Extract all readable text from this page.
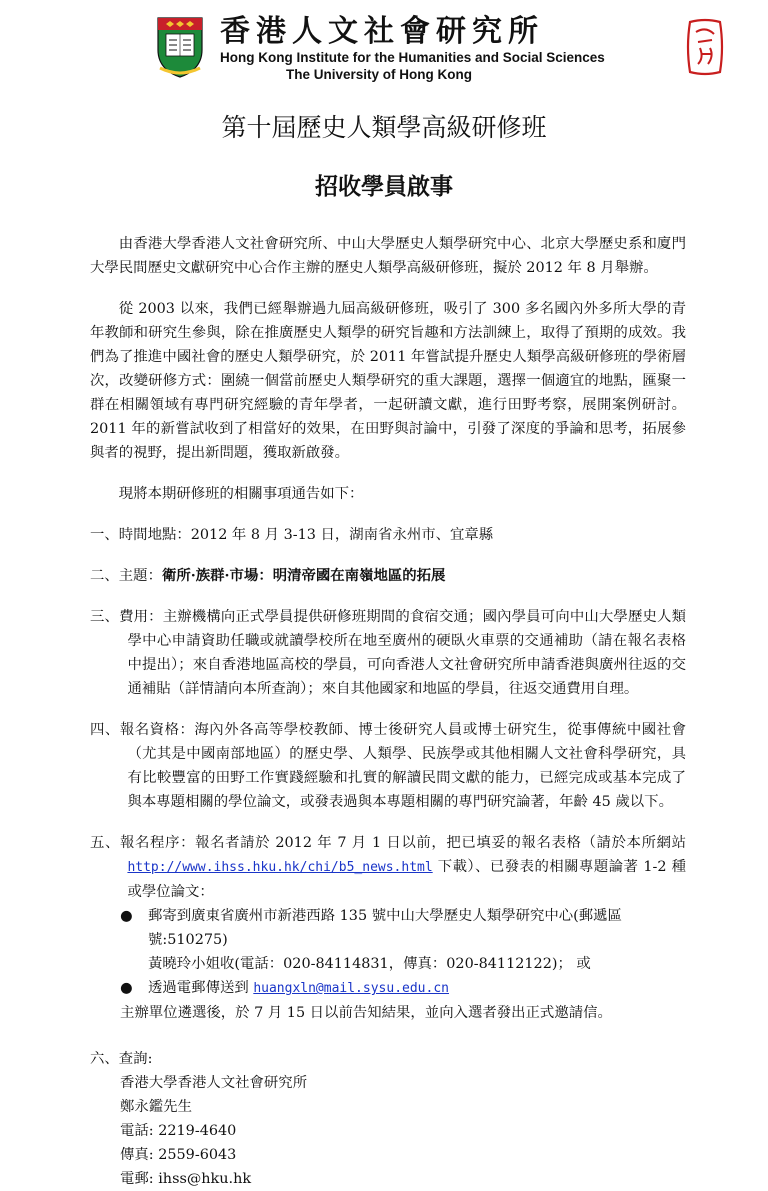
香港人文社會研究所
Hong Kong Institute for the Humanities and Social Sciences
The University of Hong Kong
第十屆歷史人類學高級研修班
招收學員啟事

由香港大學香港人文社會研究所、中山大學歷史人類學研究中心、北京大學歷史系和廈門大學民間歷史文獻研究中心合作主辦的歷史人類學高級研修班，擬於 2012 年 8 月舉辦。

從 2003 以來，我們已經舉辦過九屆高級研修班，吸引了 300 多名國內外多所大學的青年教師和研究生參與，除在推廣歷史人類學的研究旨趣和方法訓練上，取得了預期的成效。我們為了推進中國社會的歷史人類學研究，於 2011 年嘗試提升歷史人類學高級研修班的學術層次，改變研修方式：圍繞一個當前歷史人類學研究的重大課題，選擇一個適宜的地點，匯聚一群在相關領域有專門研究經驗的青年學者，一起研讀文獻，進行田野考察，展開案例研討。2011 年的新嘗試收到了相當好的效果，在田野與討論中，引發了深度的爭論和思考，拓展參與者的視野，提出新問題，獲取新啟發。

現將本期研修班的相關事項通告如下：

一、時間地點：2012 年 8 月 3-13 日，湖南省永州市、宜章縣

二、主題：衛所·族群·市場：明清帝國在南嶺地區的拓展

三、費用：主辦機構向正式學員提供研修班期間的食宿交通；國內學員可向中山大學歷史人類學中心申請資助任職或就讀學校所在地至廣州的硬臥火車票的交通補助（請在報名表格中提出）；來自香港地區高校的學員，可向香港人文社會研究所申請香港與廣州往返的交通補貼（詳情請向本所查詢）；來自其他國家和地區的學員，往返交通費用自理。

四、報名資格：海內外各高等學校教師、博士後研究人員或博士研究生，從事傳統中國社會（尤其是中國南部地區）的歷史學、人類學、民族學或其他相關人文社會科學研究，具有比較豐富的田野工作實踐經驗和扎實的解讀民間文獻的能力，已經完成或基本完成了與本專題相關的學位論文，或發表過與本專題相關的專門研究論著，年齡 45 歲以下。

五、報名程序：報名者請於 2012 年 7 月 1 日以前，把已填妥的報名表格（請於本所網站http://www.ihss.hku.hk/chi/b5_news.html 下載）、已發表的相關專題論著 1-2 種或學位論文：

● 郵寄到廣東省廣州市新港西路 135 號中山大學歷史人類學研究中心(郵遞區號:510275)
黃曉玲小姐收(電話：020-84114831，傳真：020-84112122)； 或
● 透過電郵傳送到 huangxln@mail.sysu.edu.cn

主辦單位遴選後，於 7 月 15 日以前告知結果，並向入選者發出正式邀請信。

六、查詢:

香港大學香港人文社會研究所

鄭永鑑先生

電話: 2219-4640

傳真: 2559-6043

電郵: ihss@hku.hk
